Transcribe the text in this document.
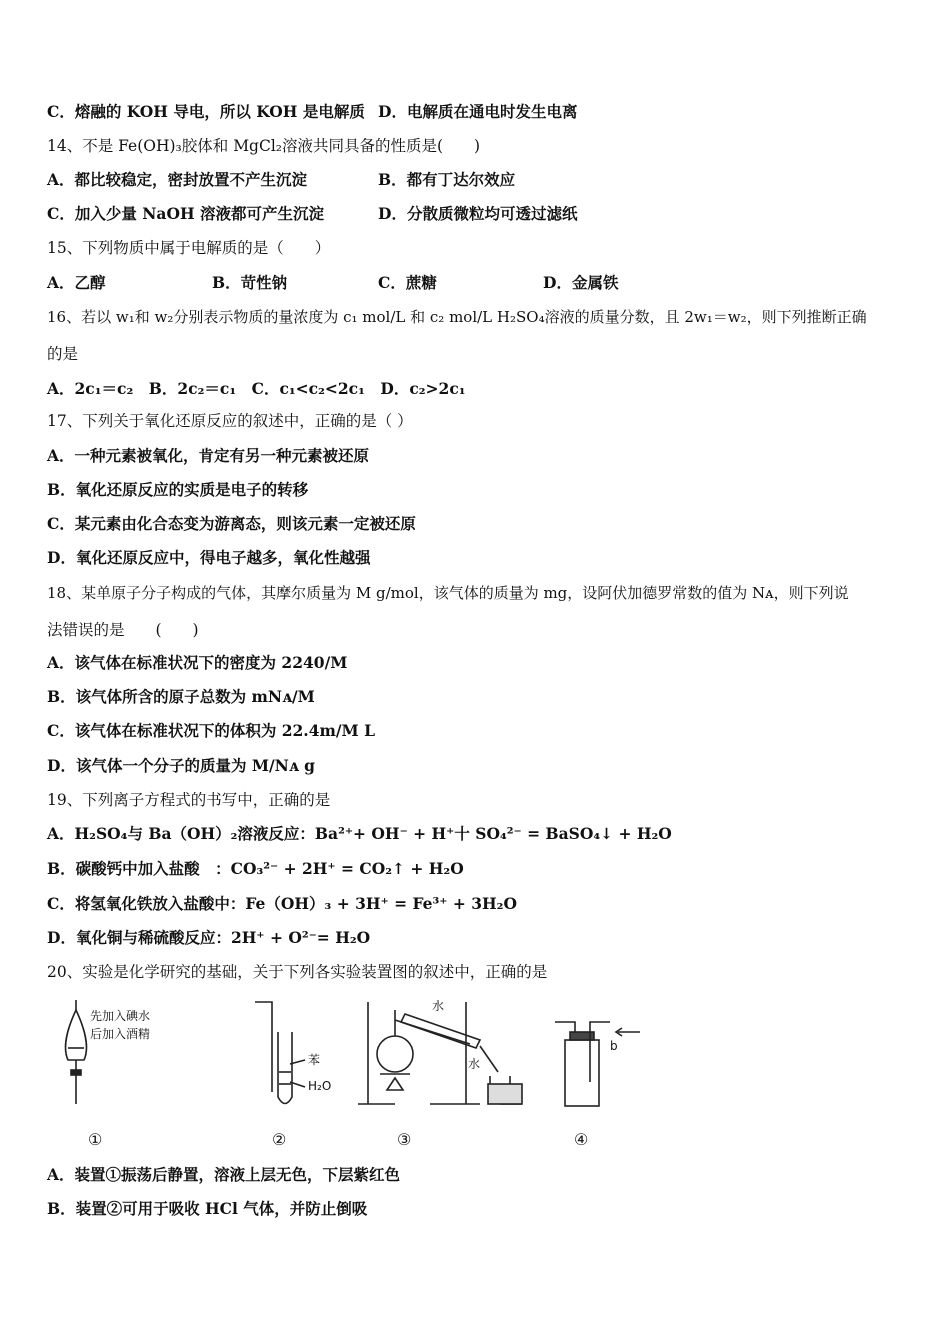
C．熔融的 KOH 导电，所以 KOH 是电解质 D．电解质在通电时发生电离
14、不是 Fe(OH)₃胶体和 MgCl₂溶液共同具备的性质是(　　)
A．都比较稳定，密封放置不产生沉淀	B．都有丁达尔效应
C．加入少量 NaOH 溶液都可产生沉淀	D．分散质微粒均可透过滤纸
15、下列物质中属于电解质的是（　　）
A．乙醇	B．苛性钠	C．蔗糖	D．金属铁
16、若以 w₁和 w₂分别表示物质的量浓度为 c₁ mol/L 和 c₂ mol/L H₂SO₄溶液的质量分数，且 2w₁＝w₂，则下列推断正确
的是
A．2c₁＝c₂　B．2c₂＝c₁　C．c₁<c₂<2c₁　D．c₂>2c₁
17、下列关于氧化还原反应的叙述中，正确的是（ ）
A．一种元素被氧化，肯定有另一种元素被还原
B．氧化还原反应的实质是电子的转移
C．某元素由化合态变为游离态，则该元素一定被还原
D．氧化还原反应中，得电子越多，氧化性越强
18、某单原子分子构成的气体，其摩尔质量为 M g/mol，该气体的质量为 mg，设阿伏加德罗常数的值为 Nᴀ，则下列说
法错误的是　　(　　)
A．该气体在标准状况下的密度为 2240/M
B．该气体所含的原子总数为 mNᴀ/M
C．该气体在标准状况下的体积为 22.4m/M L
D．该气体一个分子的质量为 M/Nᴀ g
19、下列离子方程式的书写中，正确的是
A．H₂SO₄与 Ba（OH）₂溶液反应：Ba²⁺+ OH⁻ + H⁺十 SO₄²⁻ = BaSO₄↓ + H₂O
B．碳酸钙中加入盐酸　：CO₃²⁻ + 2H⁺ = CO₂↑ + H₂O
C．将氢氧化铁放入盐酸中：Fe（OH）₃ + 3H⁺ = Fe³⁺ + 3H₂O
D．氧化铜与稀硫酸反应：2H⁺ + O²⁻= H₂O
20、实验是化学研究的基础，关于下列各实验装置图的叙述中，正确的是
先加入碘水
后加入酒精
苯
H₂O
水
水
b
①	②	③	④
A．装置①振荡后静置，溶液上层无色，下层紫红色
B．装置②可用于吸收 HCl 气体，并防止倒吸
